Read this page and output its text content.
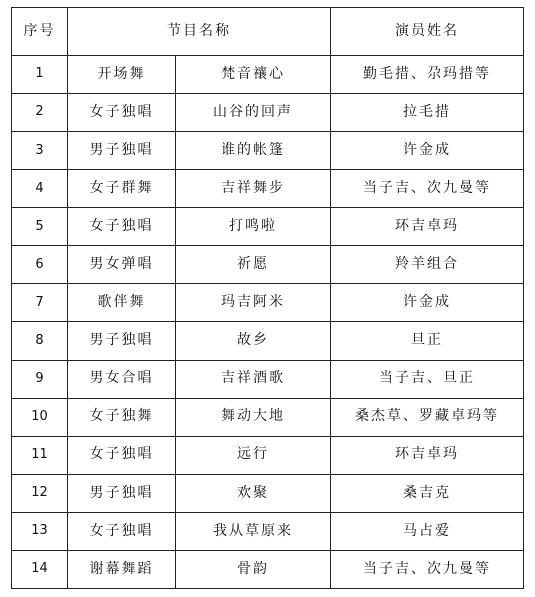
序号	节目名称		演员姓名
1	开场舞	梵音禳心	勤毛措、尕玛措等
2	女子独唱	山谷的回声	拉毛措
3	男子独唱	谁的帐篷	许金成
4	女子群舞	吉祥舞步	当子吉、次九曼等
5	女子独唱	打鸣啦	环吉卓玛
6	男女弹唱	祈愿	羚羊组合
7	歌伴舞	玛吉阿米	许金成
8	男子独唱	故乡	旦正
9	男女合唱	吉祥酒歌	当子吉、旦正
10	女子独舞	舞动大地	桑杰草、罗藏卓玛等
11	女子独唱	远行	环吉卓玛
12	男子独唱	欢聚	桑吉克
13	女子独唱	我从草原来	马占爱
14	谢幕舞蹈	骨韵	当子吉、次九曼等
